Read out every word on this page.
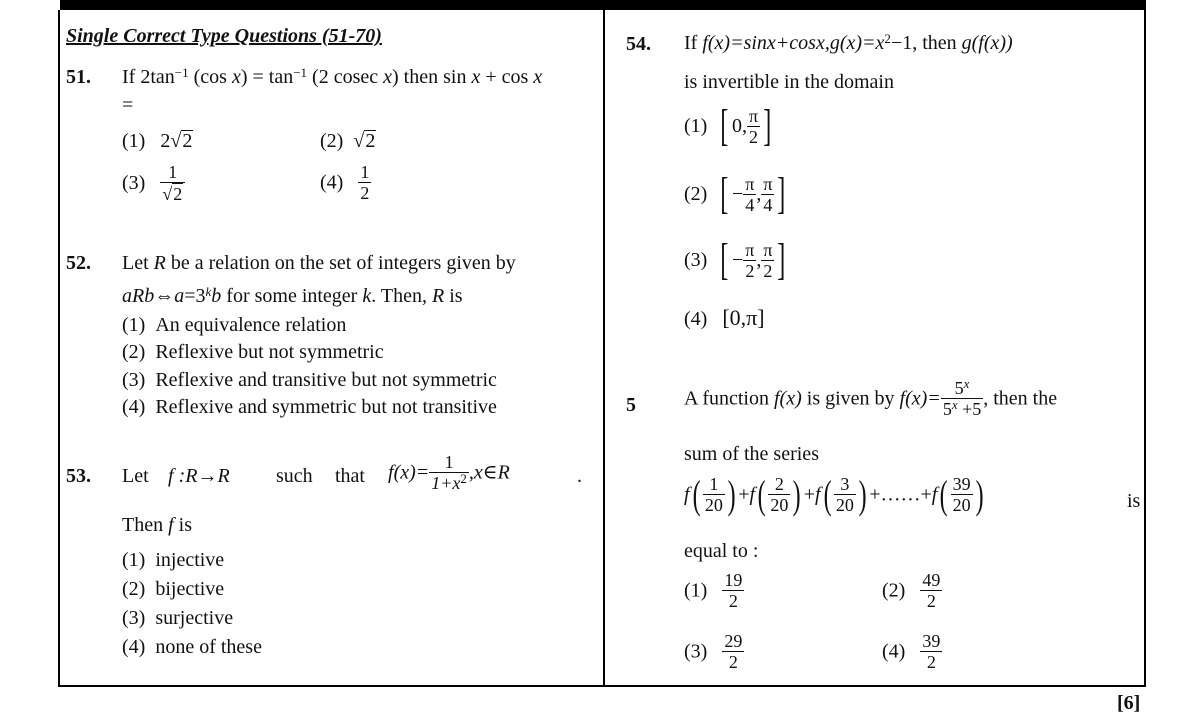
Single Correct Type Questions (51-70)
51. If $2\tan^{-1}$ (cos $x) = \tan^{-1} (2$ cosec x) then sin x + cos x
=
(1) 2√2	(2)  √2
$(3) \frac{1}{√2}$	$(4) \frac{1}{2}$
52. Let R be a relation on the set of integers given by
$aRb\Leftrightarrow a=3^kb$ for some integer k. Then, R is
(1) An equivalence relation
(2) Reflexive but not symmetric
(3) Reflexive and transitive but not symmetric
(4) Reflexive and symmetric but not transitive
53. Let f :R→R such that $f(x)= \frac{1}{1+x^2}$ ,x∈R	.
Then f is
(1) injective
(2) bijective
(3) surjective
(4) none of these
54. If $f(x)=\sin x+\cos x,g(x)=x^2-1$, then g(f(x))
is invertible in the domain
(1) [ 0, $\frac{\pi}{2}$ ]
(2) [ − $\frac{\pi}{4}$ , $\frac{\pi}{4}$ ]
(3) [ − $\frac{\pi}{2}$ , $\frac{\pi}{2}$ ]
(4) [0,π]
5 A function f(x) is given by $f(x)= \frac{5^x}{5^x +5}$ , then the
sum of the series
$f( \frac{1}{20}$ ) $+f( \frac{2}{20}$ ) $+f( \frac{3}{20}$ ) +……+f( $\frac{39}{20}$ )	is
equal to :
$(1) \frac{19}{2}$	$(2) \frac{49}{2}$
$(3) \frac{29}{2}$	$(4) \frac{39}{2}$
[6]
